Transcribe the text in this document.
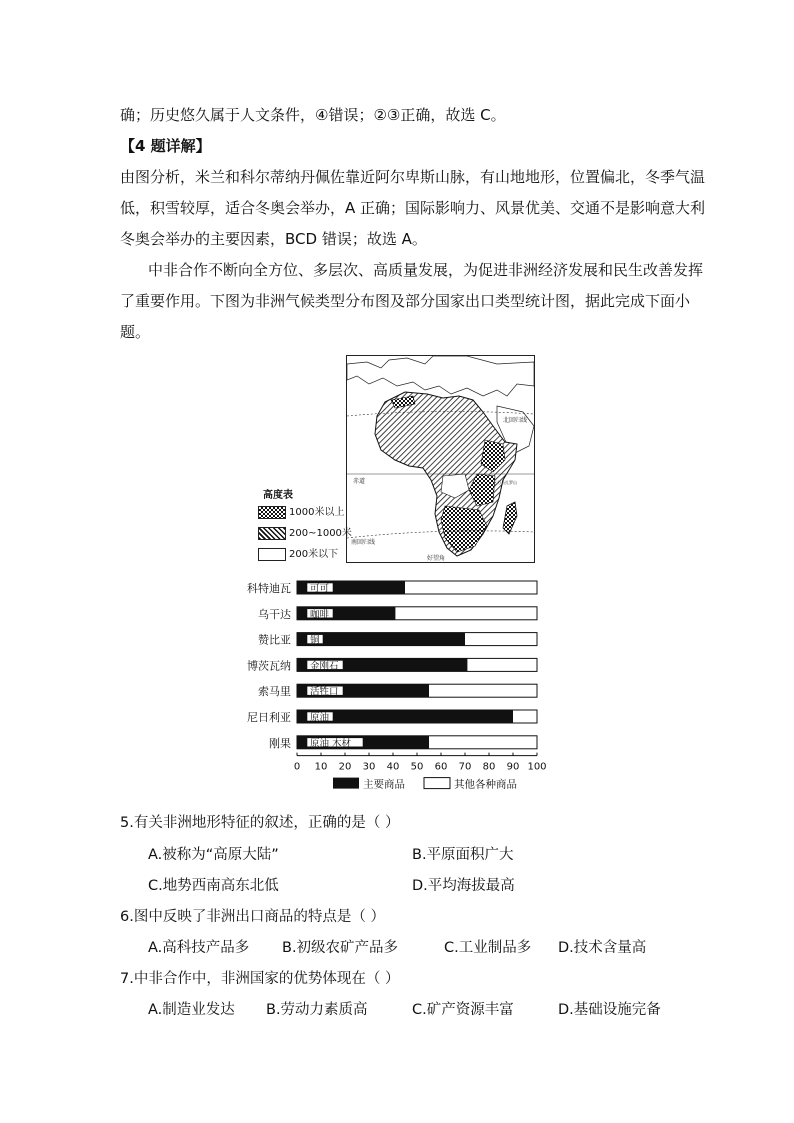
确；历史悠久属于人文条件，④错误；②③正确，故选 C。
【4 题详解】
由图分析，米兰和科尔蒂纳丹佩佐靠近阿尔卑斯山脉，有山地地形，位置偏北，冬季气温
低，积雪较厚，适合冬奥会举办，A 正确；国际影响力、风景优美、交通不是影响意大利
冬奥会举办的主要因素，BCD 错误；故选 A。
中非合作不断向全方位、多层次、高质量发展，为促进非洲经济发展和民生改善发挥
了重要作用。下图为非洲气候类型分布图及部分国家出口类型统计图，据此完成下面小
题。
北回归线
赤道
南回归线
好望角
乞力马扎罗山
高度表
1000米以上
200~1000米
200米以下
科特迪瓦 可可
乌干达 咖啡
赞比亚 铜
博茨瓦纳 金刚石
索马里 活牲口
尼日利亚 原油
刚果 原油 木材
0 10 20 30 40 50 60 70 80 90 100
主要商品	其他各种商品
5.有关非洲地形特征的叙述，正确的是（ ）
A.被称为“高原大陆”	B.平原面积广大
C.地势西南高东北低	D.平均海拔最高
6.图中反映了非洲出口商品的特点是（ ）
A.高科技产品多 B.初级农矿产品多	C.工业制品多 D.技术含量高
7.中非合作中，非洲国家的优势体现在（ ）
A.制造业发达 B.劳动力素质高	C.矿产资源丰富	D.基础设施完备
